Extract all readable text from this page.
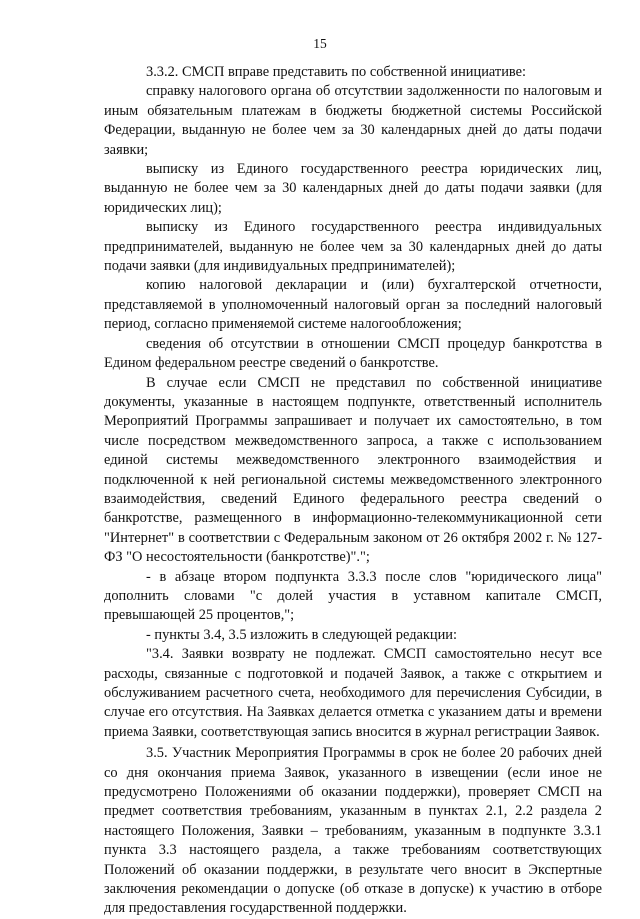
15

3.3.2. СМСП вправе представить по собственной инициативе:

справку налогового органа об отсутствии задолженности по налоговым и иным обязательным платежам в бюджеты бюджетной системы Российской Федерации, выданную не более чем за 30 календарных дней до даты подачи заявки;

выписку из Единого государственного реестра юридических лиц, выданную не более чем за 30 календарных дней до даты подачи заявки (для юридических лиц);

выписку из Единого государственного реестра индивидуальных предпринимателей, выданную не более чем за 30 календарных дней до даты подачи заявки (для индивидуальных предпринимателей);

копию налоговой декларации и (или) бухгалтерской отчетности, представляемой в уполномоченный налоговый орган за последний налоговый период, согласно применяемой системе налогообложения;

сведения об отсутствии в отношении СМСП процедур банкротства в Едином федеральном реестре сведений о банкротстве.

В случае если СМСП не представил по собственной инициативе документы, указанные в настоящем подпункте, ответственный исполнитель Мероприятий Программы запрашивает и получает их самостоятельно, в том числе посредством межведомственного запроса, а также с использованием единой системы межведомственного электронного взаимодействия и подключенной к ней региональной системы межведомственного электронного взаимодействия, сведений Единого федерального реестра сведений о банкротстве, размещенного в информационно-телекоммуникационной сети "Интернет" в соответствии с Федеральным законом от 26 октября 2002 г. № 127-ФЗ "О несостоятельности (банкротстве)".";

- в абзаце втором подпункта 3.3.3 после слов "юридического лица" дополнить словами "с долей участия в уставном капитале СМСП, превышающей 25 процентов,";

- пункты 3.4, 3.5 изложить в следующей редакции:

"3.4. Заявки возврату не подлежат. СМСП самостоятельно несут все расходы, связанные с подготовкой и подачей Заявок, а также с открытием и обслуживанием расчетного счета, необходимого для перечисления Субсидии, в случае его отсутствия. На Заявках делается отметка с указанием даты и времени приема Заявки, соответствующая запись вносится в журнал регистрации Заявок.

3.5. Участник Мероприятия Программы в срок не более 20 рабочих дней со дня окончания приема Заявок, указанного в извещении (если иное не предусмотрено Положениями об оказании поддержки), проверяет СМСП на предмет соответствия требованиям, указанным в пунктах 2.1, 2.2 раздела 2 настоящего Положения, Заявки – требованиям, указанным в подпункте 3.3.1 пункта 3.3 настоящего раздела, а также требованиям соответствующих Положений об оказании поддержки, в результате чего вносит в Экспертные заключения рекомендации о допуске (об отказе в допуске) к участию в отборе для предоставления государственной поддержки.
